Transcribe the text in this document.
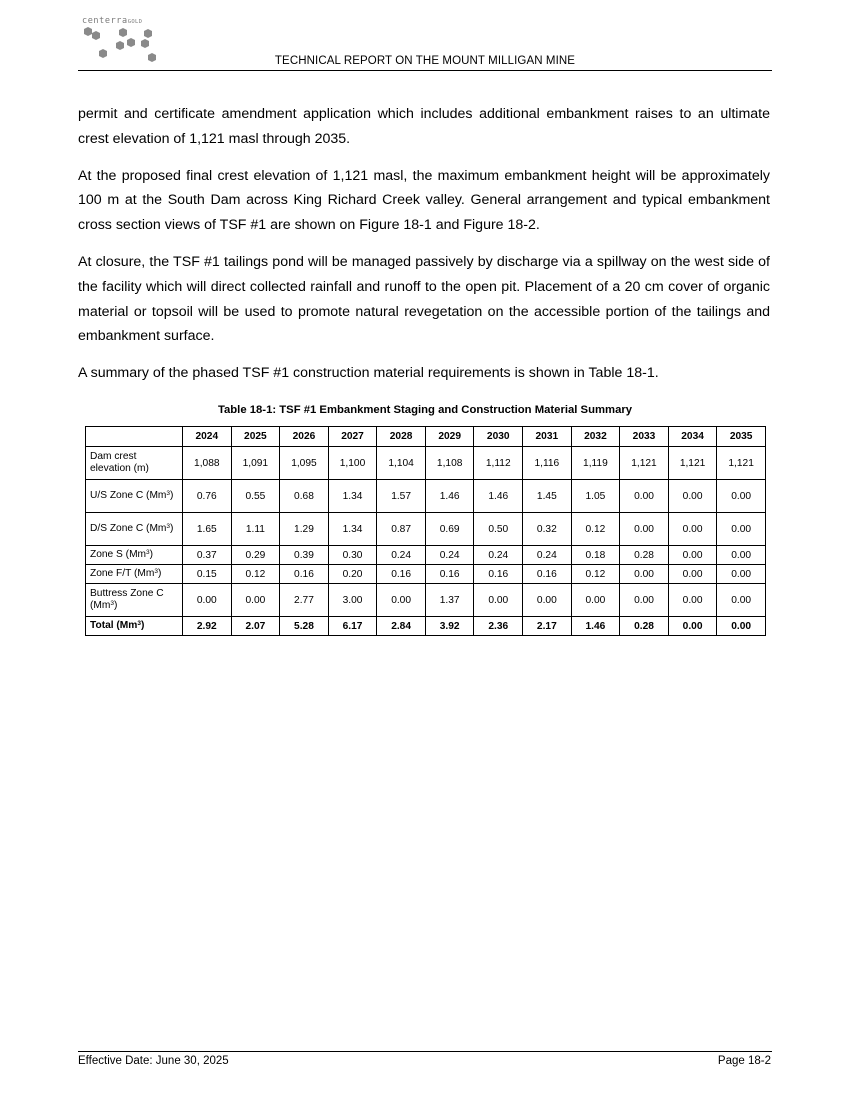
centerraGOLD
TECHNICAL REPORT ON THE MOUNT MILLIGAN MINE

permit and certificate amendment application which includes additional embankment raises to an ultimate crest elevation of 1,121 masl through 2035.

At the proposed final crest elevation of 1,121 masl, the maximum embankment height will be approximately 100 m at the South Dam across King Richard Creek valley. General arrangement and typical embankment cross section views of TSF #1 are shown on Figure 18-1 and Figure 18-2.

At closure, the TSF #1 tailings pond will be managed passively by discharge via a spillway on the west side of the facility which will direct collected rainfall and runoff to the open pit. Placement of a 20 cm cover of organic material or topsoil will be used to promote natural revegetation on the accessible portion of the tailings and embankment surface.

A summary of the phased TSF #1 construction material requirements is shown in Table 18-1.

Table 18-1: TSF #1 Embankment Staging and Construction Material Summary
	2024	2025	2026	2027	2028	2029	2030	2031	2032	2033	2034	2035
Dam crest elevation (m)	1,088	1,091	1,095	1,100	1,104	1,108	1,112	1,116	1,119	1,121	1,121	1,121
U/S Zone C (Mm$^3$)	0.76	0.55	0.68	1.34	1.57	1.46	1.46	1.45	1.05	0.00	0.00	0.00
D/S Zone C (Mm$^3$)	1.65	1.11	1.29	1.34	0.87	0.69	0.50	0.32	0.12	0.00	0.00	0.00
Zone S (Mm$^3$)	0.37	0.29	0.39	0.30	0.24	0.24	0.24	0.24	0.18	0.28	0.00	0.00
Zone F/T (Mm$^3$)	0.15	0.12	0.16	0.20	0.16	0.16	0.16	0.16	0.12	0.00	0.00	0.00
Buttress Zone C (Mm$^3$)	0.00	0.00	2.77	3.00	0.00	1.37	0.00	0.00	0.00	0.00	0.00	0.00
Total (Mm$^3$)	2.92	2.07	5.28	6.17	2.84	3.92	2.36	2.17	1.46	0.28	0.00	0.00
Effective Date: June 30, 2025	Page 18-2
